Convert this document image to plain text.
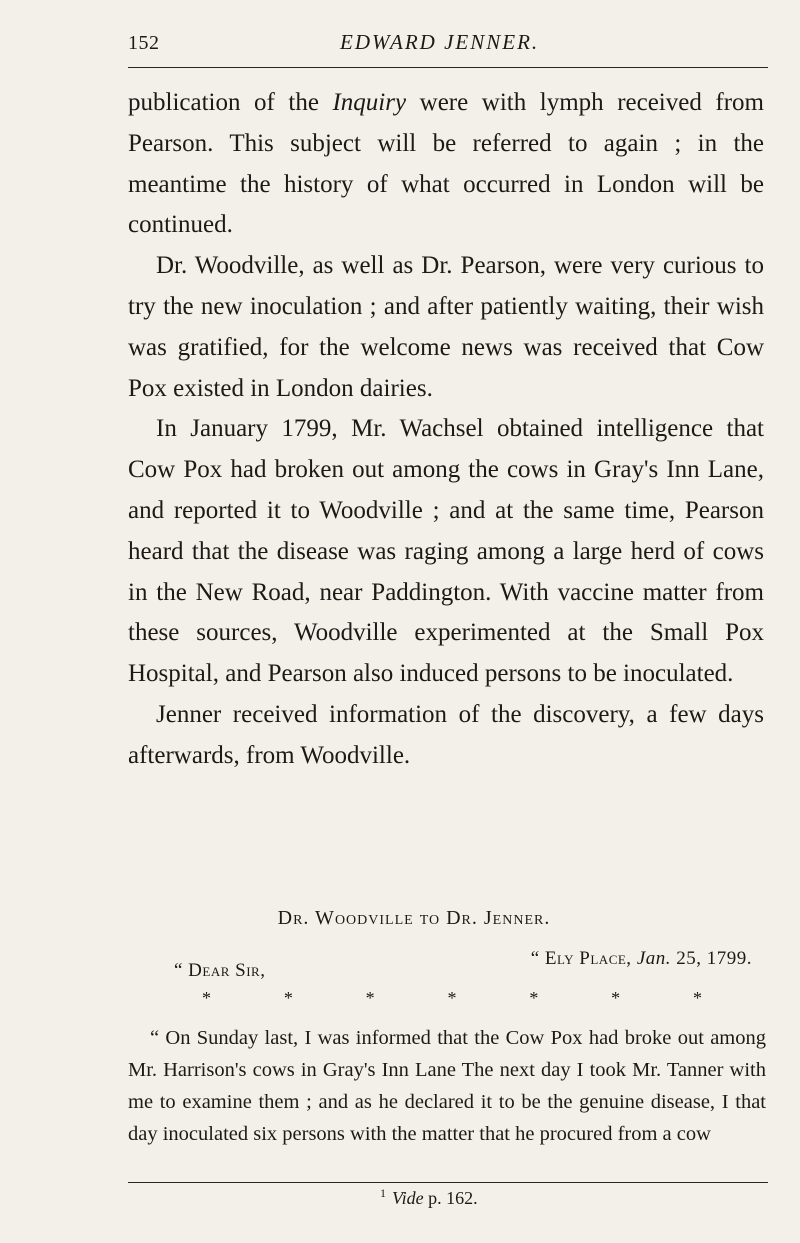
152	EDWARD JENNER.

publication of the Inquiry were with lymph received from Pearson. This subject will be referred to again ; in the meantime the history of what occurred in London will be continued.

Dr. Woodville, as well as Dr. Pearson, were very curious to try the new inoculation ; and after patiently waiting, their wish was gratified, for the welcome news was received that Cow Pox existed in London dairies.

In January 1799, Mr. Wachsel obtained intelligence that Cow Pox had broken out among the cows in Gray's Inn Lane, and reported it to Woodville ; and at the same time, Pearson heard that the disease was raging among a large herd of cows in the New Road, near Paddington. With vaccine matter from these sources, Woodville experimented at the Small Pox Hospital, and Pearson also induced persons to be inoculated.

Jenner received information of the discovery, a few days afterwards, from Woodville.

Dr. Woodville to Dr. Jenner.
“ Ely Place, Jan. 25, 1799.
“ Dear Sir,
*	*	*	*	*	*	*

“ On Sunday last, I was informed that the Cow Pox had broke out among Mr. Harrison's cows in Gray's Inn Lane The next day I took Mr. Tanner with me to examine them ; and as he declared it to be the genuine disease, I that day inoculated six persons with the matter that he procured from a cow

$^1$ Vide p. 162.
